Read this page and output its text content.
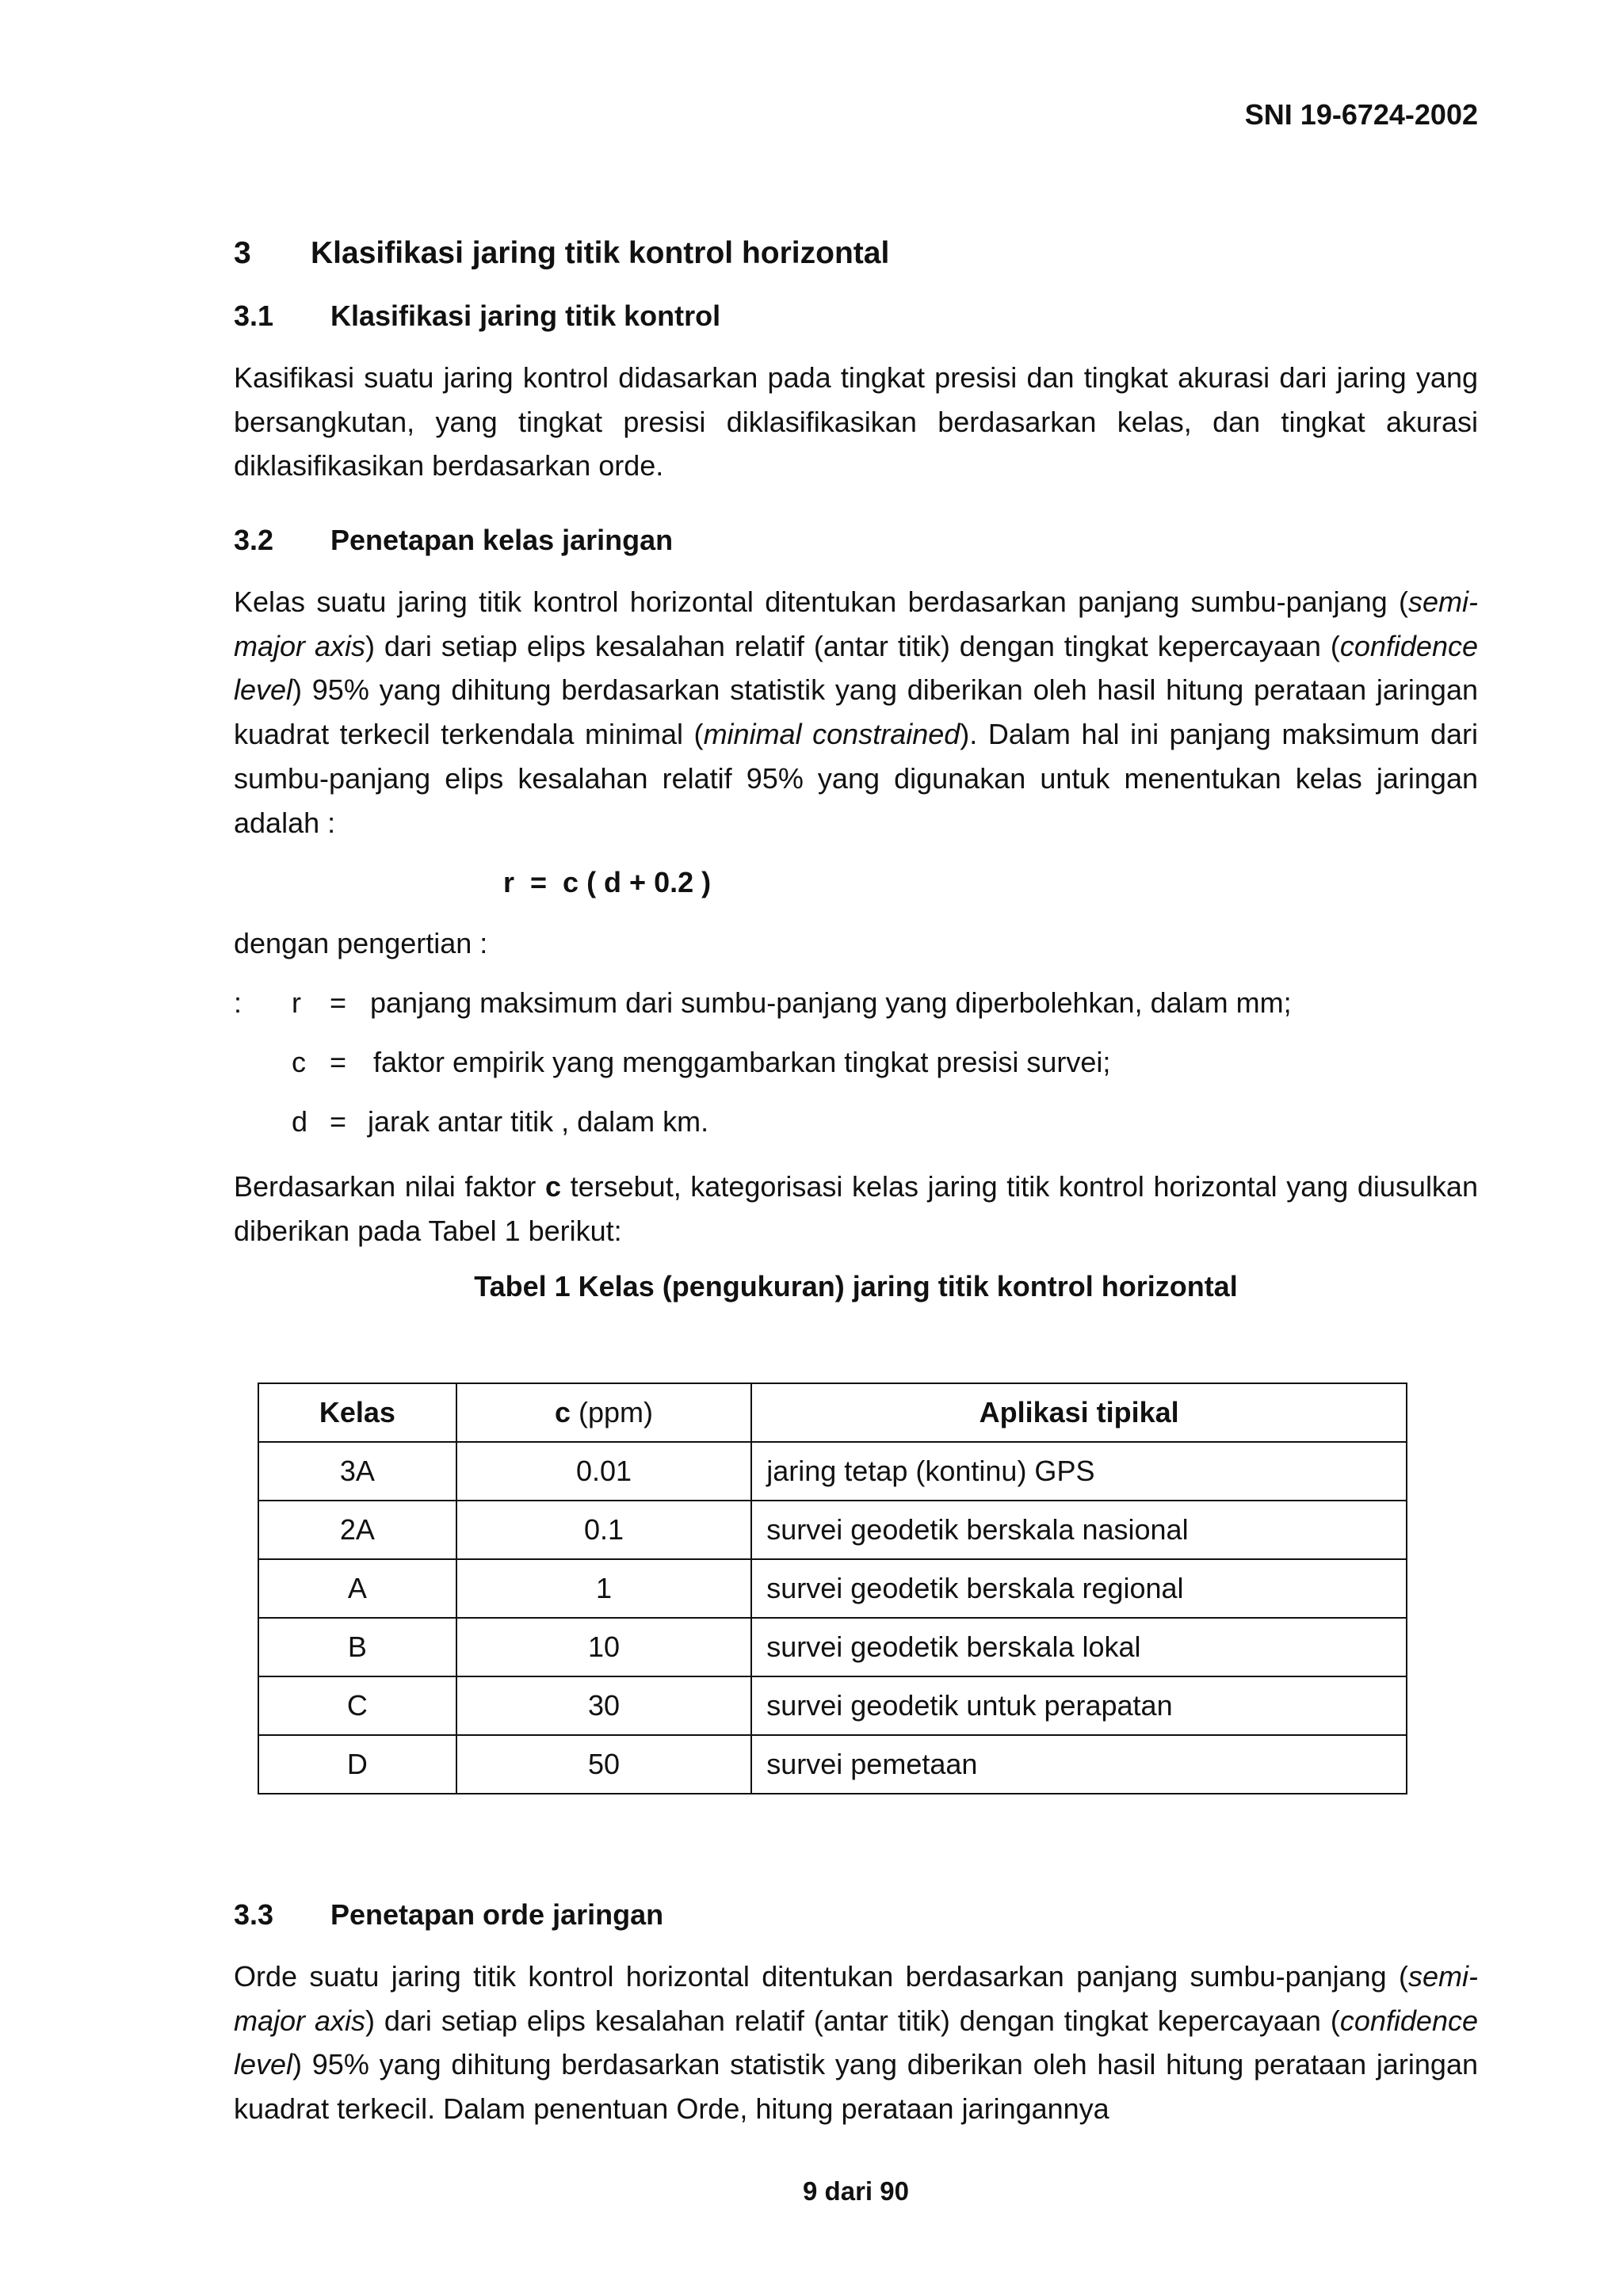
SNI 19-6724-2002
3 Klasifikasi jaring titik kontrol horizontal
3.1 Klasifikasi jaring titik kontrol

Kasifikasi suatu jaring kontrol didasarkan pada tingkat presisi dan tingkat akurasi dari jaring yang bersangkutan, yang tingkat presisi diklasifikasikan berdasarkan kelas, dan tingkat akurasi diklasifikasikan berdasarkan orde.

3.2 Penetapan kelas jaringan

Kelas suatu jaring titik kontrol horizontal ditentukan berdasarkan panjang sumbu-panjang (semi-major axis) dari setiap elips kesalahan relatif (antar titik) dengan tingkat kepercayaan (confidence level) 95% yang dihitung berdasarkan statistik yang diberikan oleh hasil hitung perataan jaringan kuadrat terkecil terkendala minimal (minimal constrained). Dalam hal ini panjang maksimum dari sumbu-panjang elips kesalahan relatif 95% yang digunakan untuk menentukan kelas jaringan adalah :

r  =  c ( d + 0.2 )
dengan pengertian :
: r = panjang maksimum dari sumbu-panjang yang diperbolehkan, dalam mm;
c = faktor empirik yang menggambarkan tingkat presisi survei;
d = jarak antar titik , dalam km.

Berdasarkan nilai faktor c tersebut, kategorisasi kelas jaring titik kontrol horizontal yang diusulkan diberikan pada Tabel 1 berikut:

Tabel 1 Kelas (pengukuran) jaring titik kontrol horizontal
Kelas	c (ppm)	Aplikasi tipikal
3A	0.01	jaring tetap (kontinu) GPS
2A	0.1	survei geodetik berskala nasional
A	1	survei geodetik berskala regional
B	10	survei geodetik berskala lokal
C	30	survei geodetik untuk perapatan
D	50	survei pemetaan
3.3 Penetapan orde jaringan

Orde suatu jaring titik kontrol horizontal ditentukan berdasarkan panjang sumbu-panjang (semi-major axis) dari setiap elips kesalahan relatif (antar titik) dengan tingkat kepercayaan (confidence level) 95% yang dihitung berdasarkan statistik yang diberikan oleh hasil hitung perataan jaringan kuadrat terkecil. Dalam penentuan Orde, hitung perataan jaringannya

9 dari 90
